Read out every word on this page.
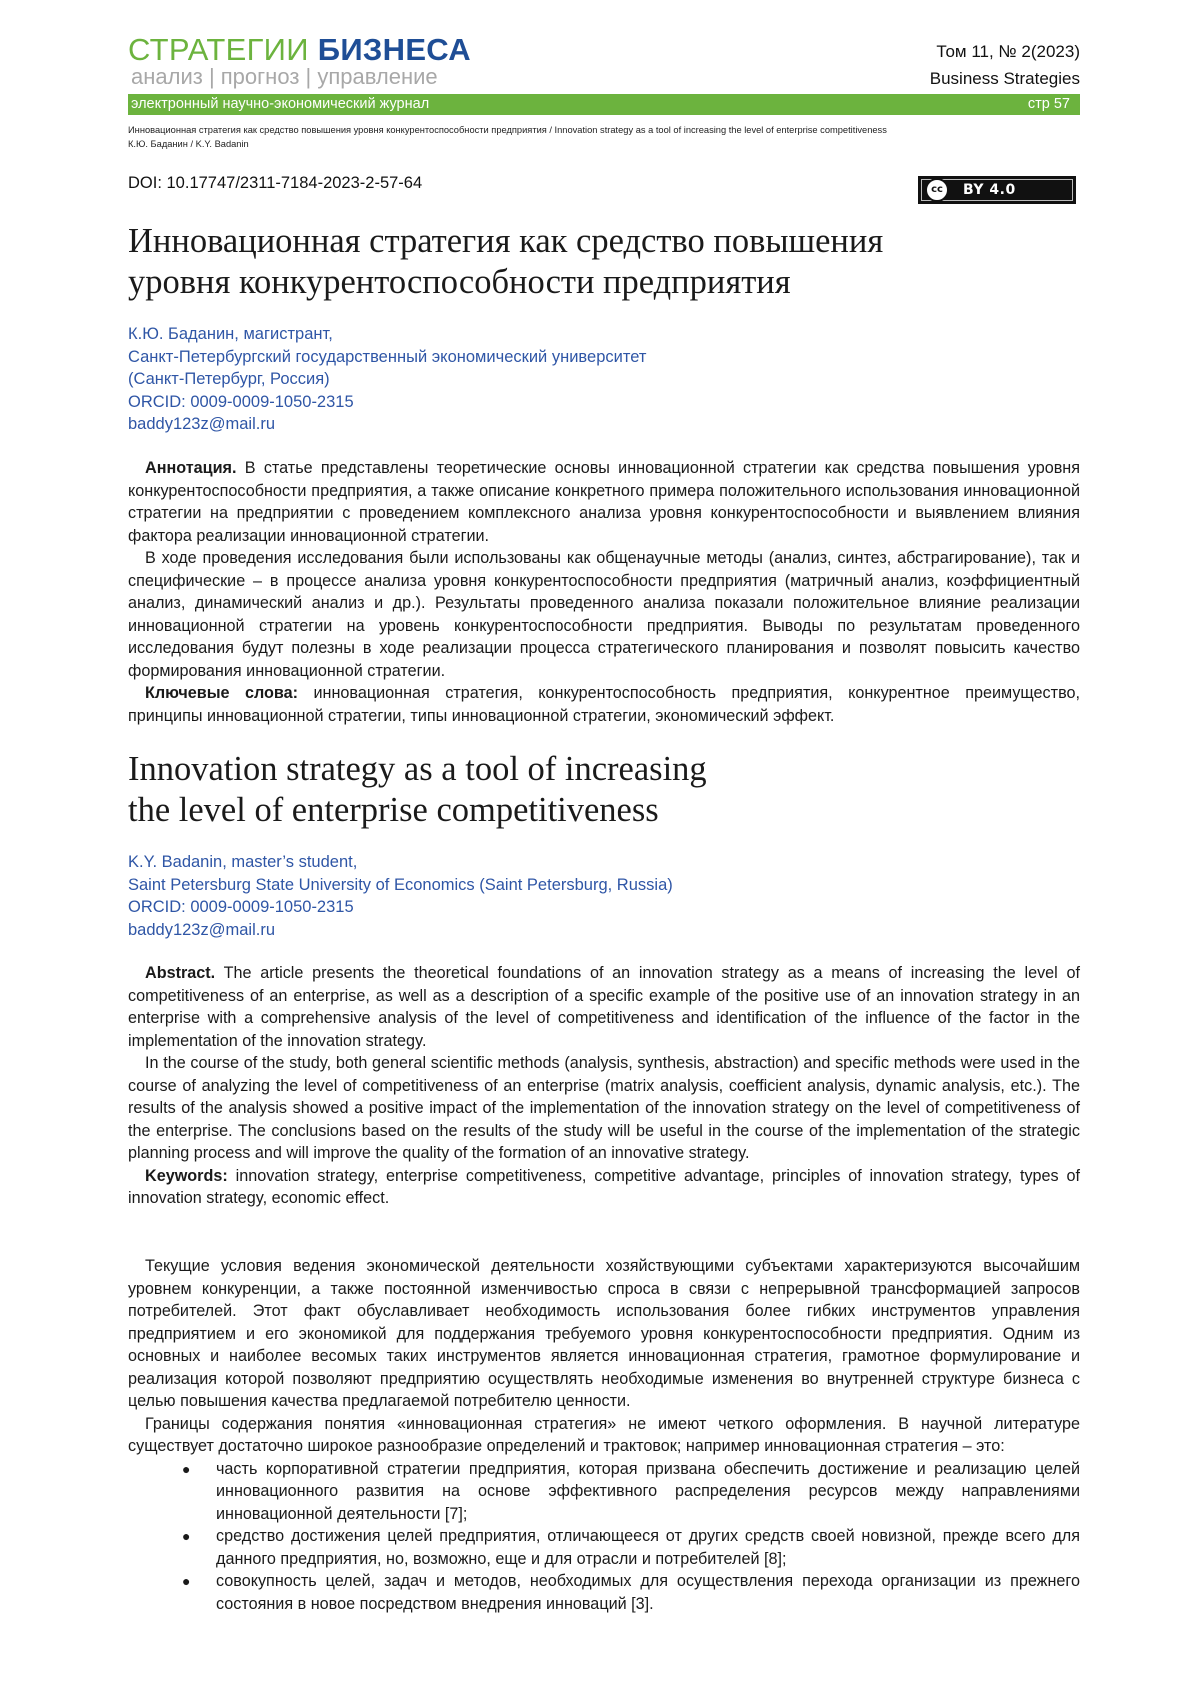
СТРАТЕГИИ БИЗНЕСА
анализ | прогноз | управление
Том 11, № 2(2023)
Business Strategies
электронный научно-экономический журнал	стр 57
Инновационная стратегия как средство повышения уровня конкурентоспособности предприятия / Innovation strategy as a tool of increasing the level of enterprise competitiveness
К.Ю. Баданин / K.Y. Badanin
DOI: 10.17747/2311-7184-2023-2-57-64	cc	BY 4.0
Инновационная стратегия как средство повышения
уровня конкурентоспособности предприятия
К.Ю. Баданин, магистрант,
Санкт-Петербургский государственный экономический университет
(Санкт-Петербург, Россия)
ORCID: 0009-0009-1050-2315
baddy123z@mail.ru

Аннотация. В статье представлены теоретические основы инновационной стратегии как средства повышения уровня конкурентоспособности предприятия, а также описание конкретного примера положительного использования инновационной стратегии на предприятии с проведением комплексного анализа уровня конкурентоспособности и выявлением влияния фактора реализации инновационной стратегии.

В ходе проведения исследования были использованы как общенаучные методы (анализ, синтез, абстрагирование), так и специфические – в процессе анализа уровня конкурентоспособности предприятия (матричный анализ, коэффициентный анализ, динамический анализ и др.). Результаты проведенного анализа показали положительное влияние реализации инновационной стратегии на уровень конкурентоспособности предприятия. Выводы по результатам проведенного исследования будут полезны в ходе реализации процесса стратегического планирования и позволят повысить качество формирования инновационной стратегии.

Ключевые слова: инновационная стратегия, конкурентоспособность предприятия, конкурентное преимущество, принципы инновационной стратегии, типы инновационной стратегии, экономический эффект.

Innovation strategy as a tool of increasing
the level of enterprise competitiveness
K.Y. Badanin, master’s student,
Saint Petersburg State University of Economics (Saint Petersburg, Russia)
ORCID: 0009-0009-1050-2315
baddy123z@mail.ru

Abstract. The article presents the theoretical foundations of an innovation strategy as a means of increasing the level of competitiveness of an enterprise, as well as a description of a specific example of the positive use of an innovation strategy in an enterprise with a comprehensive analysis of the level of competitiveness and identification of the influence of the factor in the implementation of the innovation strategy.

In the course of the study, both general scientific methods (analysis, synthesis, abstraction) and specific methods were used in the course of analyzing the level of competitiveness of an enterprise (matrix analysis, coefficient analysis, dynamic analysis, etc.). The results of the analysis showed a positive impact of the implementation of the innovation strategy on the level of competitiveness of the enterprise. The conclusions based on the results of the study will be useful in the course of the implementation of the strategic planning process and will improve the quality of the formation of an innovative strategy.

Keywords: innovation strategy, enterprise competitiveness, competitive advantage, principles of innovation strategy, types of innovation strategy, economic effect.

Текущие условия ведения экономической деятельности хозяйствующими субъектами характеризуются высочайшим уровнем конкуренции, а также постоянной изменчивостью спроса в связи с непрерывной трансформацией запросов потребителей. Этот факт обуславливает необходимость использования более гибких инструментов управления предприятием и его экономикой для поддержания требуемого уровня конкурентоспособности предприятия. Одним из основных и наиболее весомых таких инструментов является инновационная стратегия, грамотное формулирование и реализация которой позволяют предприятию осуществлять необходимые изменения во внутренней структуре бизнеса с целью повышения качества предлагаемой потребителю ценности.

Границы содержания понятия «инновационная стратегия» не имеют четкого оформления. В научной литературе существует достаточно широкое разнообразие определений и трактовок; например инновационная стратегия – это:

● часть корпоративной стратегии предприятия, которая призвана обеспечить достижение и реализацию целей инновационного развития на основе эффективного распределения ресурсов между направлениями инновационной деятельности [7];
● средство достижения целей предприятия, отличающееся от других средств своей новизной, прежде всего для данного предприятия, но, возможно, еще и для отрасли и потребителей [8];
● совокупность целей, задач и методов, необходимых для осуществления перехода организации из прежнего состояния в новое посредством внедрения инноваций [3].
